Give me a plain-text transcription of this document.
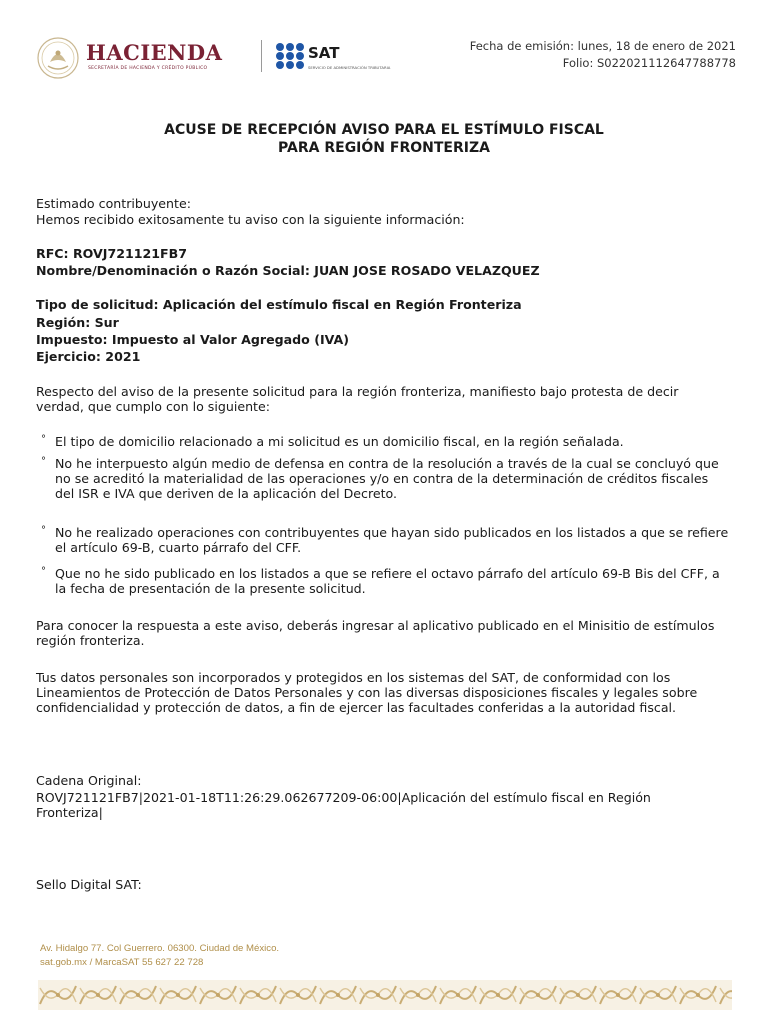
HACIENDA
SECRETARÍA DE HACIENDA Y CRÉDITO PÚBLICO
SAT
SERVICIO DE ADMINISTRACIÓN TRIBUTARIA
Fecha de emisión: lunes, 18 de enero de 2021
Folio: S022021112647788778
ACUSE DE RECEPCIÓN AVISO PARA EL ESTÍMULO FISCAL
PARA REGIÓN FRONTERIZA
Estimado contribuyente:
Hemos recibido exitosamente tu aviso con la siguiente información:
RFC: ROVJ721121FB7
Nombre/Denominación o Razón Social: JUAN JOSE ROSADO VELAZQUEZ
Tipo de solicitud: Aplicación del estímulo fiscal en Región Fronteriza
Región: Sur
Impuesto: Impuesto al Valor Agregado (IVA)
Ejercicio: 2021
Respecto del aviso de la presente solicitud para la región fronteriza, manifiesto bajo protesta de decir verdad, que cumplo con lo siguiente:
° El tipo de domicilio relacionado a mi solicitud es un domicilio fiscal, en la región señalada.
° No he interpuesto algún medio de defensa en contra de la resolución a través de la cual se concluyó que no se acreditó la materialidad de las operaciones y/o en contra de la determinación de créditos fiscales del ISR e IVA que deriven de la aplicación del Decreto.
° No he realizado operaciones con contribuyentes que hayan sido publicados en los listados a que se refiere el artículo 69-B, cuarto párrafo del CFF.
° Que no he sido publicado en los listados a que se refiere el octavo párrafo del artículo 69-B Bis del CFF, a la fecha de presentación de la presente solicitud.
Para conocer la respuesta a este aviso, deberás ingresar al aplicativo publicado en el Minisitio de estímulos región fronteriza.
Tus datos personales son incorporados y protegidos en los sistemas del SAT, de conformidad con los Lineamientos de Protección de Datos Personales y con las diversas disposiciones fiscales y legales sobre confidencialidad y protección de datos, a fin de ejercer las facultades conferidas a la autoridad fiscal.
Cadena Original:
ROVJ721121FB7|2021-01-18T11:26:29.062677209-06:00|Aplicación del estímulo fiscal en Región Fronteriza|
Sello Digital SAT:
Av. Hidalgo 77. Col Guerrero. 06300. Ciudad de México.
sat.gob.mx / MarcaSAT 55 627 22 728
